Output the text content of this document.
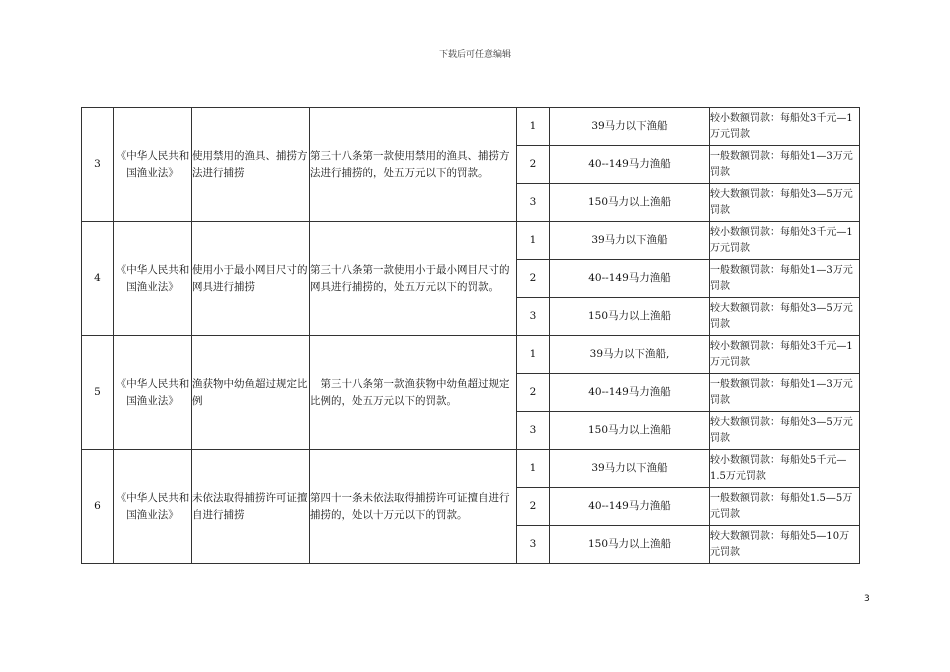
下载后可任意编辑
3	《中华人民共和国渔业法》	使用禁用的渔具、捕捞方法进行捕捞	第三十八条第一款使用禁用的渔具、捕捞方法进行捕捞的，处五万元以下的罚款。	1	39马力以下渔船	较小数额罚款：每船处3千元—1万元罚款
				2	40--149马力渔船	一般数额罚款：每船处1—3万元罚款
				3	150马力以上渔船	较大数额罚款：每船处3—5万元罚款
4	《中华人民共和国渔业法》	使用小于最小网目尺寸的网具进行捕捞	第三十八条第一款使用小于最小网目尺寸的网具进行捕捞的，处五万元以下的罚款。	1	39马力以下渔船	较小数额罚款：每船处3千元—1万元罚款
				2	40--149马力渔船	一般数额罚款：每船处1—3万元罚款
				3	150马力以上渔船	较大数额罚款：每船处3—5万元罚款
5	《中华人民共和国渔业法》	渔获物中幼鱼超过规定比例	　第三十八条第一款渔获物中幼鱼超过规定比例的，处五万元以下的罚款。	1	39马力以下渔船,	较小数额罚款：每船处3千元—1万元罚款
				2	40--149马力渔船	一般数额罚款：每船处1—3万元罚款
				3	150马力以上渔船	较大数额罚款：每船处3—5万元罚款
6	《中华人民共和国渔业法》	未依法取得捕捞许可证擅自进行捕捞	第四十一条未依法取得捕捞许可证擅自进行捕捞的，处以十万元以下的罚款。	1	39马力以下渔船	较小数额罚款：每船处5千元—1.5万元罚款
				2	40--149马力渔船	一般数额罚款：每船处1.5—5万元罚款
				3	150马力以上渔船	较大数额罚款：每船处5—10万元罚款
3
